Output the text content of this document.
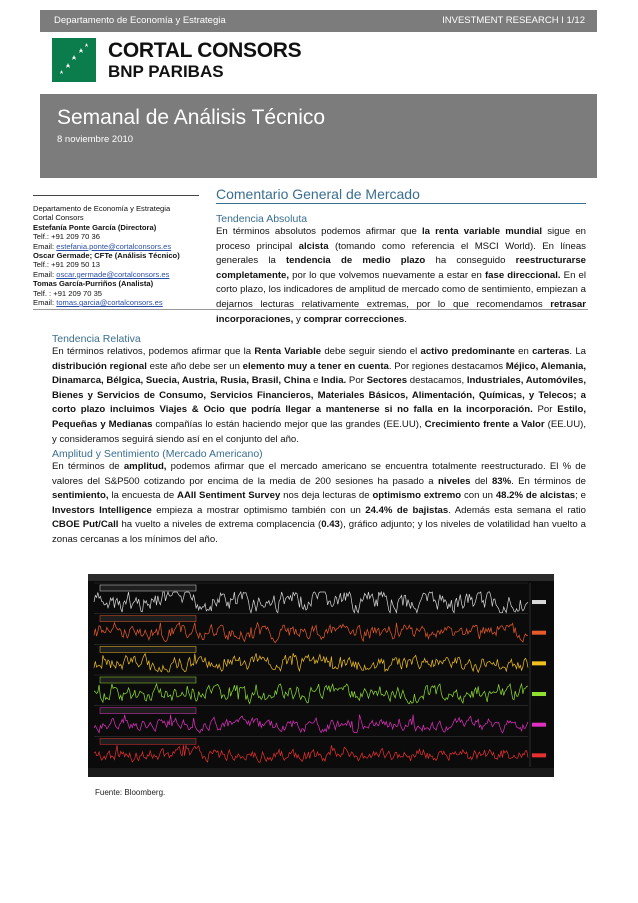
Departamento de Economía y Estrategia	INVESTMENT RESEARCH I 1/12
CORTAL CONSORS
BNP PARIBAS
Semanal de Análisis Técnico
8 noviembre 2010
Departamento de Economía y Estrategia
Cortal Consors
Estefanía Ponte García (Directora)
Telf.: +91 209 70 36
Email: estefania.ponte@cortalconsors.es
Oscar Germade; CFTe (Análisis Técnico)
Telf.: +91 209 50 13
Email: oscar.germade@cortalconsors.es
Tomas García-Purriños (Analista)
Telf. : +91 209 70 35
Email: tomas.garcia@cortalconsors.es
Comentario General de Mercado
Tendencia Absoluta
En términos absolutos podemos afirmar que la renta variable mundial sigue en proceso principal alcista (tomando como referencia el MSCI World). En líneas generales la tendencia de medio plazo ha conseguido reestructurarse completamente, por lo que volvemos nuevamente a estar en fase direccional. En el corto plazo, los indicadores de amplitud de mercado como de sentimiento, empiezan a dejarnos lecturas relativamente extremas, por lo que recomendamos retrasar incorporaciones, y comprar correcciones.
Tendencia Relativa
En términos relativos, podemos afirmar que la Renta Variable debe seguir siendo el activo predominante en carteras. La distribución regional este año debe ser un elemento muy a tener en cuenta. Por regiones destacamos Méjico, Alemania, Dinamarca, Bélgica, Suecia, Austria, Rusia, Brasil, China e India. Por Sectores destacamos, Industriales, Automóviles, Bienes y Servicios de Consumo, Servicios Financieros, Materiales Básicos, Alimentación, Químicas, y Telecos; a corto plazo incluimos Viajes & Ocio que podría llegar a mantenerse si no falla en la incorporación. Por Estilo, Pequeñas y Medianas compañías lo están haciendo mejor que las grandes (EE.UU), Crecimiento frente a Valor (EE.UU), y consideramos seguirá siendo así en el conjunto del año.
Amplitud y Sentimiento (Mercado Americano)
En términos de amplitud, podemos afirmar que el mercado americano se encuentra totalmente reestructurado. El % de valores del S&P500 cotizando por encima de la media de 200 sesiones ha pasado a niveles del 83%. En términos de sentimiento, la encuesta de AAII Sentiment Survey nos deja lecturas de optimismo extremo con un 48.2% de alcistas; e Investors Intelligence empieza a mostrar optimismo también con un 24.4% de bajistas. Además esta semana el ratio CBOE Put/Call ha vuelto a niveles de extrema complacencia (0.43), gráfico adjunto; y los niveles de volatilidad han vuelto a zonas cercanas a los mínimos del año.
Fuente: Bloomberg.
